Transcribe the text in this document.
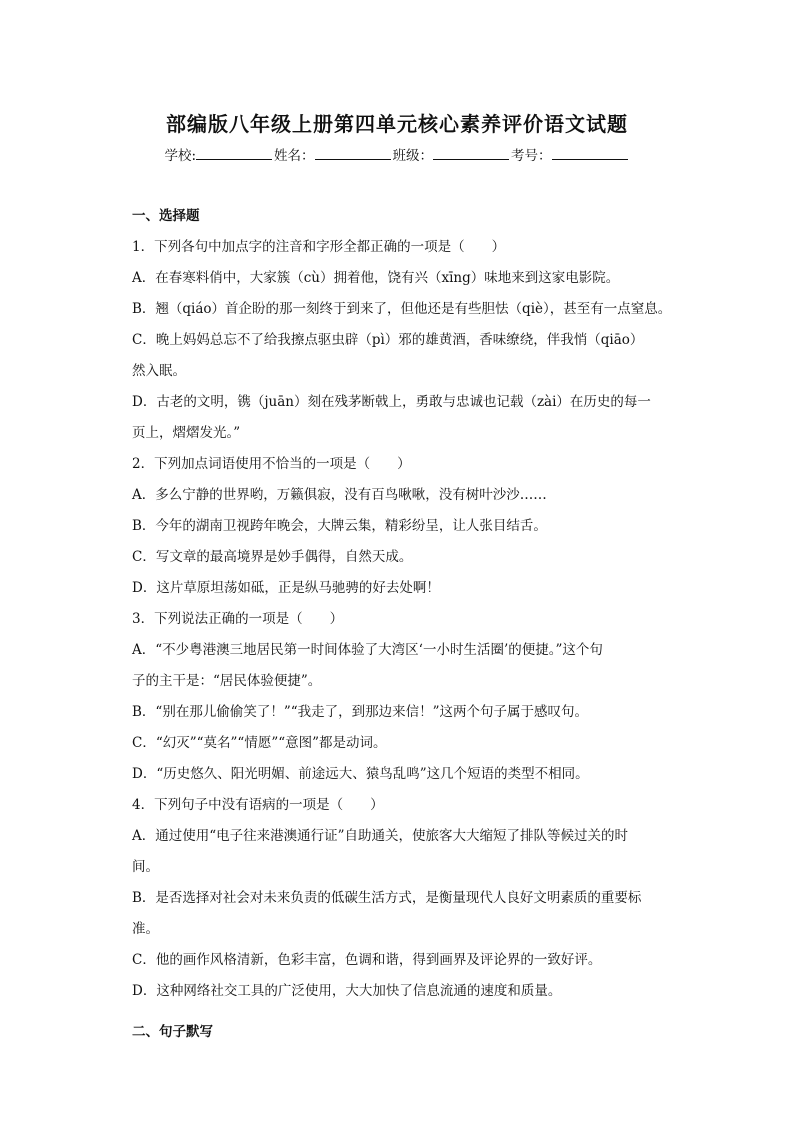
部编版八年级上册第四单元核心素养评价语文试题
学校:	姓名：	班级：	考号：
一、选择题
1．下列各句中加点字的注音和字形全都正确的一项是（　　）
A．在春寒料俏中，大家簇（cù）拥着他，饶有兴（xīng）味地来到这家电影院。
B．翘（qiáo）首企盼的那一刻终于到来了，但他还是有些胆怯（qiè），甚至有一点窒息。
C．晚上妈妈总忘不了给我擦点驱虫辟（pì）邪的雄黄酒，香味缭绕，伴我悄（qiāo）
然入眠。
D．古老的文明，镌（juān）刻在残茅断戟上，勇敢与忠诚也记载（zài）在历史的每一
页上，熠熠发光。”
2．下列加点词语使用不恰当的一项是（　　）
A．多么宁静的世界哟，万籁俱寂，没有百鸟啾啾，没有树叶沙沙……
B．今年的湖南卫视跨年晚会，大牌云集，精彩纷呈，让人张目结舌。
C．写文章的最高境界是妙手偶得，自然天成。
D．这片草原坦荡如砥，正是纵马驰骋的好去处啊！
3．下列说法正确的一项是（　　）
A．“不少粤港澳三地居民第一时间体验了大湾区‘一小时生活圈’的便捷。”这个句
子的主干是：“居民体验便捷”。
B．“别在那儿偷偷笑了！”“我走了，到那边来信！”这两个句子属于感叹句。
C．“幻灭”“莫名”“情愿”“意图”都是动词。
D．“历史悠久、阳光明媚、前途远大、猿鸟乱鸣”这几个短语的类型不相同。
4．下列句子中没有语病的一项是（　　）
A．通过使用“电子往来港澳通行证”自助通关，使旅客大大缩短了排队等候过关的时
间。
B．是否选择对社会对未来负责的低碳生活方式，是衡量现代人良好文明素质的重要标
准。
C．他的画作风格清新，色彩丰富，色调和谐，得到画界及评论界的一致好评。
D．这种网络社交工具的广泛使用，大大加快了信息流通的速度和质量。
二、句子默写
